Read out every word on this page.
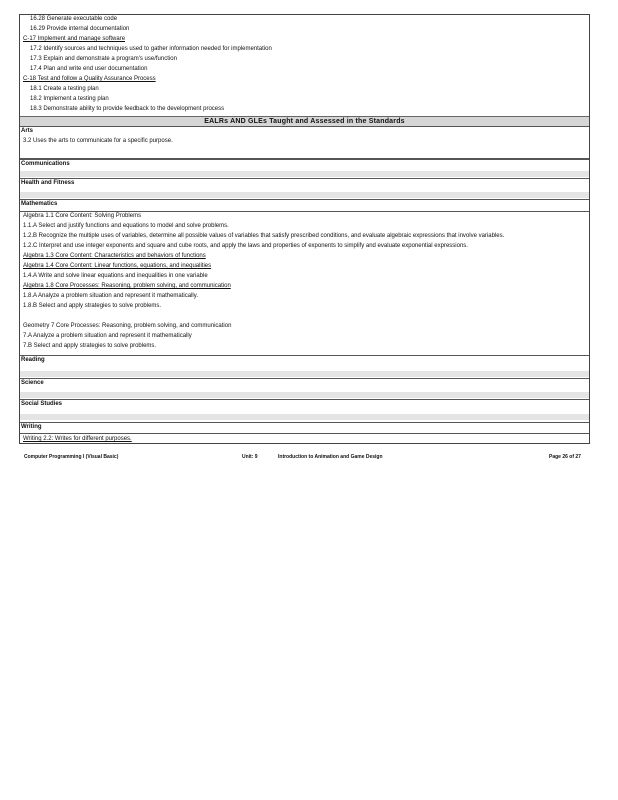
16.28 Generate executable code
16.29 Provide internal documentation
C-17 Implement and manage software
17.2 Identify sources and techniques used to gather information needed for implementation
17.3 Explain and demonstrate a program's use/function
17.4 Plan and write end user documentation
C-18 Test and follow a Quality Assurance Process
18.1 Create a testing plan
18.2 Implement a testing plan
18.3 Demonstrate ability to provide feedback to the development process
EALRs AND GLEs Taught and Assessed in the Standards
Arts
3.2 Uses the arts to communicate for a specific purpose.
Communications
Health and Fitness
Mathematics
Algebra 1.1 Core Content: Solving Problems
1.1.A Select and justify functions and equations to model and solve problems.
1.2.B Recognize the multiple uses of variables, determine all possible values of variables that satisfy prescribed conditions, and evaluate algebraic expressions that involve variables.
1.2.C Interpret and use integer exponents and square and cube roots, and apply the laws and properties of exponents to simplify and evaluate exponential expressions.
Algebra 1.3 Core Content: Characteristics and behaviors of functions
Algebra 1.4 Core Content: Linear functions, equations, and inequalities
1.4.A Write and solve linear equations and inequalities in one variable
Algebra 1.8 Core Processes: Reasoning, problem solving, and communication
1.8.A Analyze a problem situation and represent it mathematically.
1.8.B Select and apply strategies to solve problems.
Geometry 7 Core Processes: Reasoning, problem solving, and communication
7.A Analyze a problem situation and represent it mathematically
7.B Select and apply strategies to solve problems.
Reading
Science
Social Studies
Writing
Writing 2.2: Writes for different purposes.
Computer Programming I (Visual Basic)	Unit: 9	Introduction to Animation and Game Design	Page 26 of 27
